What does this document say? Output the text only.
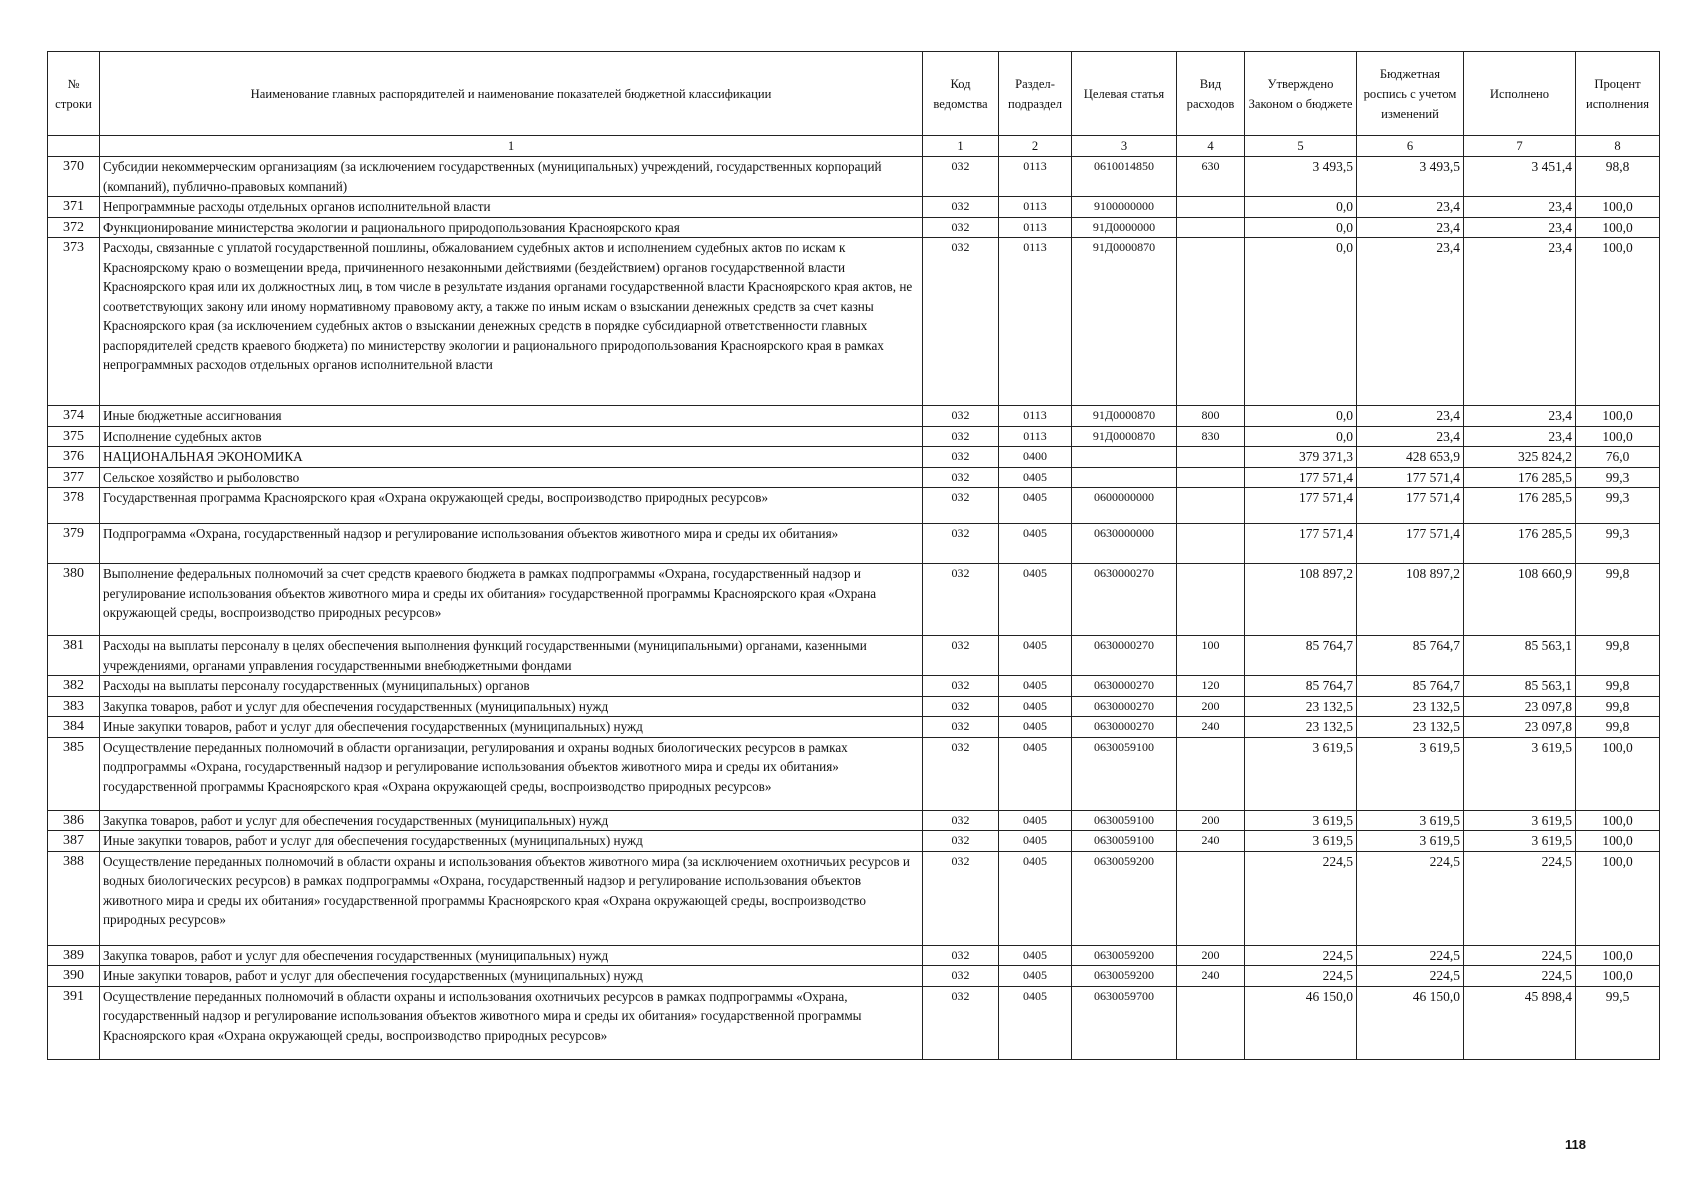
№ строки	Наименование главных распорядителей и наименование показателей бюджетной классификации	Код ведомства	Раздел-подраздел	Целевая статья	Вид расходов	Утверждено Законом о бюджете	Бюджетная роспись с учетом изменений	Исполнено	Процент исполнения
	1	1	2	3	4	5	6	7	8
370	Субсидии некоммерческим организациям (за исключением государственных (муниципальных) учреждений, государственных корпораций (компаний), публично-правовых компаний)	032	0113	0610014850	630	3 493,5	3 493,5	3 451,4	98,8
371	Непрограммные расходы отдельных органов исполнительной власти	032	0113	9100000000		0,0	23,4	23,4	100,0
372	Функционирование министерства экологии и рационального природопользования Красноярского края	032	0113	91Д0000000		0,0	23,4	23,4	100,0
373	Расходы, связанные с уплатой государственной пошлины, обжалованием судебных актов и исполнением судебных актов по искам к Красноярскому краю о возмещении вреда, причиненного незаконными действиями (бездействием) органов государственной власти Красноярского края или их должностных лиц, в том числе в результате издания органами государственной власти Красноярского края актов, не соответствующих закону или иному нормативному правовому акту, а также по иным искам о взыскании денежных средств за счет казны Красноярского края (за исключением судебных актов о взыскании денежных средств в порядке субсидиарной ответственности главных распорядителей средств краевого бюджета) по министерству экологии и рационального природопользования Красноярского края в рамках непрограммных расходов отдельных органов исполнительной власти	032	0113	91Д0000870		0,0	23,4	23,4	100,0
374	Иные бюджетные ассигнования	032	0113	91Д0000870	800	0,0	23,4	23,4	100,0
375	Исполнение судебных актов	032	0113	91Д0000870	830	0,0	23,4	23,4	100,0
376	НАЦИОНАЛЬНАЯ ЭКОНОМИКА	032	0400			379 371,3	428 653,9	325 824,2	76,0
377	Сельское хозяйство и рыболовство	032	0405			177 571,4	177 571,4	176 285,5	99,3
378	Государственная программа Красноярского края «Охрана окружающей среды, воспроизводство природных ресурсов»	032	0405	0600000000		177 571,4	177 571,4	176 285,5	99,3
379	Подпрограмма «Охрана, государственный надзор и регулирование использования объектов животного мира и среды их обитания»	032	0405	0630000000		177 571,4	177 571,4	176 285,5	99,3
380	Выполнение федеральных полномочий за счет средств краевого бюджета в рамках подпрограммы «Охрана, государственный надзор и регулирование использования объектов животного мира и среды их обитания» государственной программы Красноярского края «Охрана окружающей среды, воспроизводство природных ресурсов»	032	0405	0630000270		108 897,2	108 897,2	108 660,9	99,8
381	Расходы на выплаты персоналу в целях обеспечения выполнения функций государственными (муниципальными) органами, казенными учреждениями, органами управления государственными внебюджетными фондами	032	0405	0630000270	100	85 764,7	85 764,7	85 563,1	99,8
382	Расходы на выплаты персоналу государственных (муниципальных) органов	032	0405	0630000270	120	85 764,7	85 764,7	85 563,1	99,8
383	Закупка товаров, работ и услуг для обеспечения государственных (муниципальных) нужд	032	0405	0630000270	200	23 132,5	23 132,5	23 097,8	99,8
384	Иные закупки товаров, работ и услуг для обеспечения государственных (муниципальных) нужд	032	0405	0630000270	240	23 132,5	23 132,5	23 097,8	99,8
385	Осуществление переданных полномочий в области организации, регулирования и охраны водных биологических ресурсов в рамках подпрограммы «Охрана, государственный надзор и регулирование использования объектов животного мира и среды их обитания» государственной программы Красноярского края «Охрана окружающей среды, воспроизводство природных ресурсов»	032	0405	0630059100		3 619,5	3 619,5	3 619,5	100,0
386	Закупка товаров, работ и услуг для обеспечения государственных (муниципальных) нужд	032	0405	0630059100	200	3 619,5	3 619,5	3 619,5	100,0
387	Иные закупки товаров, работ и услуг для обеспечения государственных (муниципальных) нужд	032	0405	0630059100	240	3 619,5	3 619,5	3 619,5	100,0
388	Осуществление переданных полномочий в области охраны и использования объектов животного мира (за исключением охотничьих ресурсов и водных биологических ресурсов) в рамках подпрограммы «Охрана, государственный надзор и регулирование использования объектов животного мира и среды их обитания» государственной программы Красноярского края «Охрана окружающей среды, воспроизводство природных ресурсов»	032	0405	0630059200		224,5	224,5	224,5	100,0
389	Закупка товаров, работ и услуг для обеспечения государственных (муниципальных) нужд	032	0405	0630059200	200	224,5	224,5	224,5	100,0
390	Иные закупки товаров, работ и услуг для обеспечения государственных (муниципальных) нужд	032	0405	0630059200	240	224,5	224,5	224,5	100,0
391	Осуществление переданных полномочий в области охраны и использования охотничьих ресурсов в рамках подпрограммы «Охрана, государственный надзор и регулирование использования объектов животного мира и среды их обитания» государственной программы Красноярского края «Охрана окружающей среды, воспроизводство природных ресурсов»	032	0405	0630059700		46 150,0	46 150,0	45 898,4	99,5
118
